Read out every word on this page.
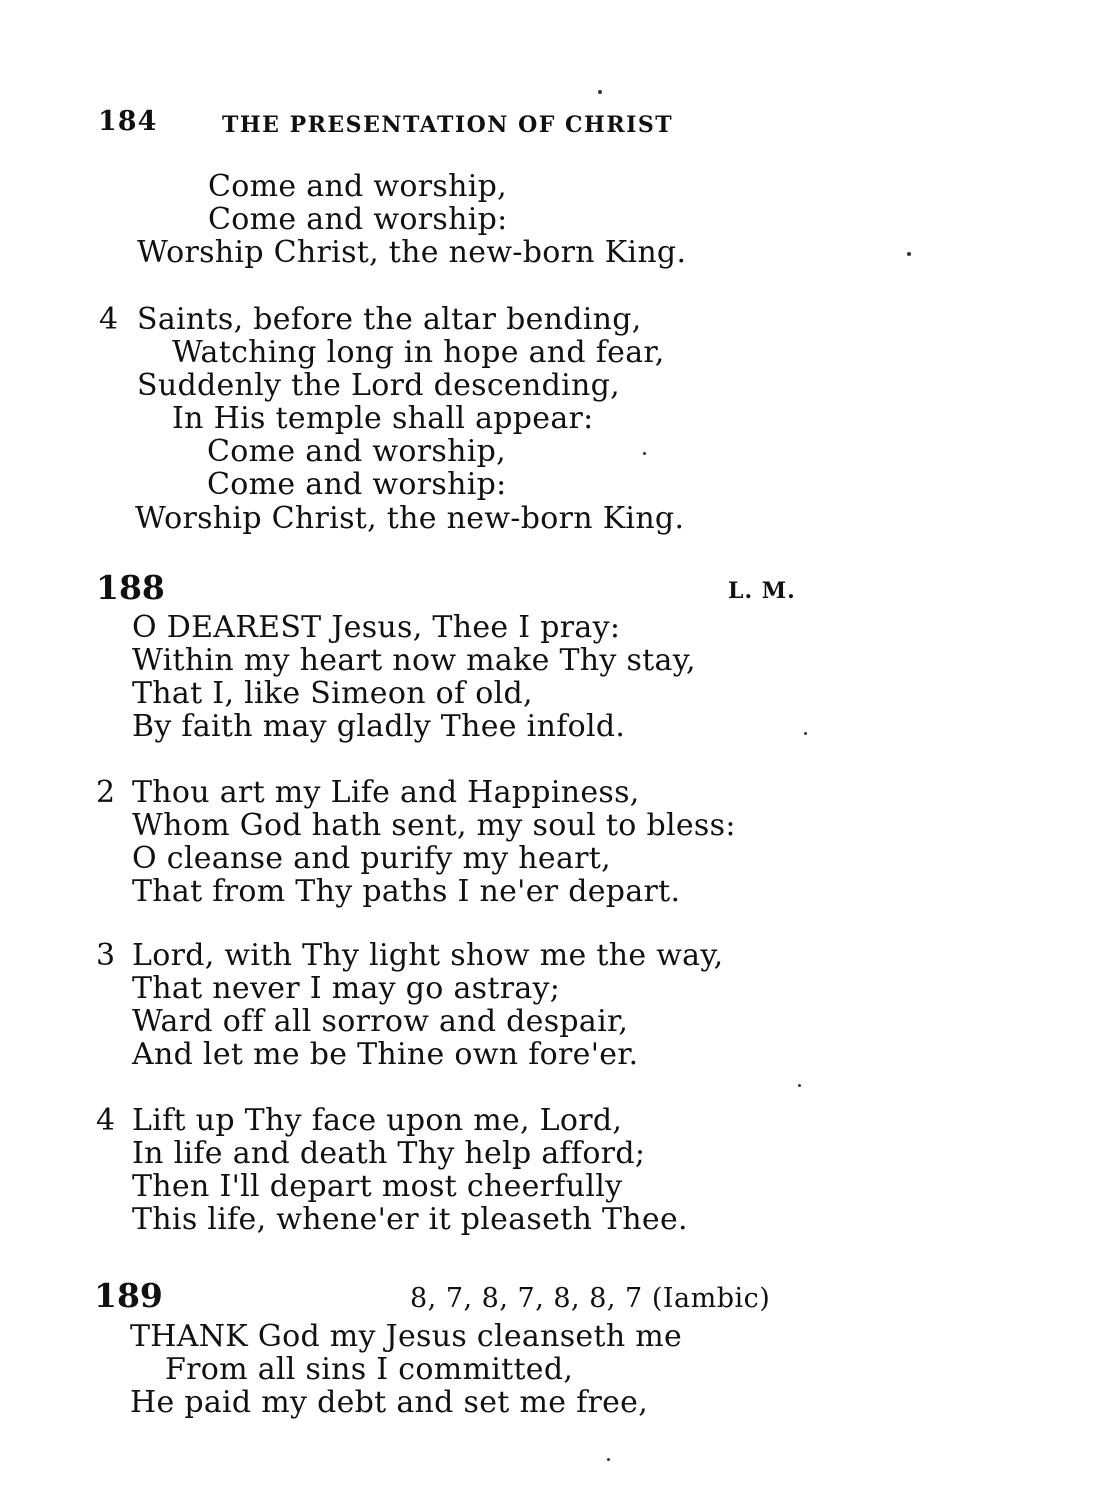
184	THE PRESENTATION OF CHRIST
Come and worship,
Come and worship:
Worship Christ, the new-born King.
4 Saints, before the altar bending,
Watching long in hope and fear,
Suddenly the Lord descending,
In His temple shall appear:
Come and worship,
Come and worship:
Worship Christ, the new-born King.
188	L. M.
O DEAREST Jesus, Thee I pray:
Within my heart now make Thy stay,
That I, like Simeon of old,
By faith may gladly Thee infold.
2 Thou art my Life and Happiness,
Whom God hath sent, my soul to bless:
O cleanse and purify my heart,
That from Thy paths I ne'er depart.
3 Lord, with Thy light show me the way,
That never I may go astray;
Ward off all sorrow and despair,
And let me be Thine own fore'er.
4 Lift up Thy face upon me, Lord,
In life and death Thy help afford;
Then I'll depart most cheerfully
This life, whene'er it pleaseth Thee.
189	8, 7, 8, 7, 8, 8, 7 (Iambic)
THANK God my Jesus cleanseth me
From all sins I committed,
He paid my debt and set me free,
